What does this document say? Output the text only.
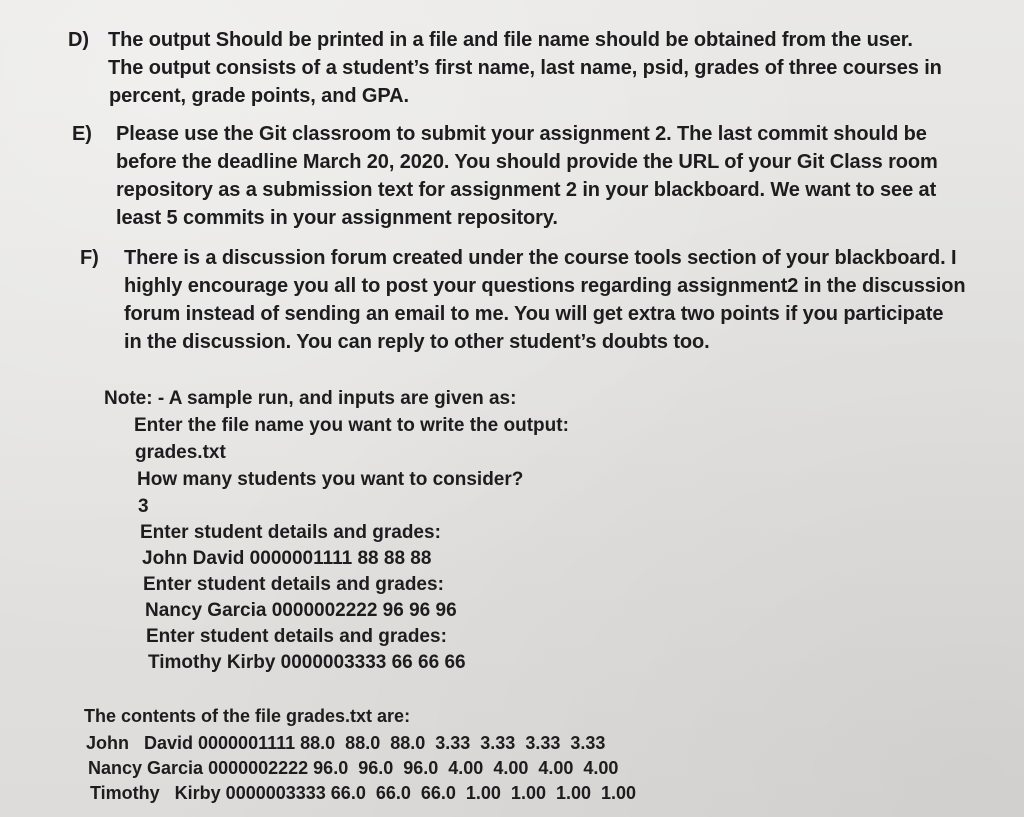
D) The output Should be printed in a file and file name should be obtained from the user.
The output consists of a student’s first name, last name, psid, grades of three courses in
percent, grade points, and GPA.
E) Please use the Git classroom to submit your assignment 2. The last commit should be
before the deadline March 20, 2020. You should provide the URL of your Git Class room
repository as a submission text for assignment 2 in your blackboard. We want to see at
least 5 commits in your assignment repository.
F) There is a discussion forum created under the course tools section of your blackboard. I
highly encourage you all to post your questions regarding assignment2 in the discussion
forum instead of sending an email to me. You will get extra two points if you participate
in the discussion. You can reply to other student’s doubts too.
Note: - A sample run, and inputs are given as:
Enter the file name you want to write the output:
grades.txt
How many students you want to consider?
3
Enter student details and grades:
John David 0000001111 88 88 88
Enter student details and grades:
Nancy Garcia 0000002222 96 96 96
Enter student details and grades:
Timothy Kirby 0000003333 66 66 66
The contents of the file grades.txt are:
John   David 0000001111 88.0  88.0  88.0  3.33  3.33  3.33  3.33
Nancy Garcia 0000002222 96.0  96.0  96.0  4.00  4.00  4.00  4.00
Timothy   Kirby 0000003333 66.0  66.0  66.0  1.00  1.00  1.00  1.00
